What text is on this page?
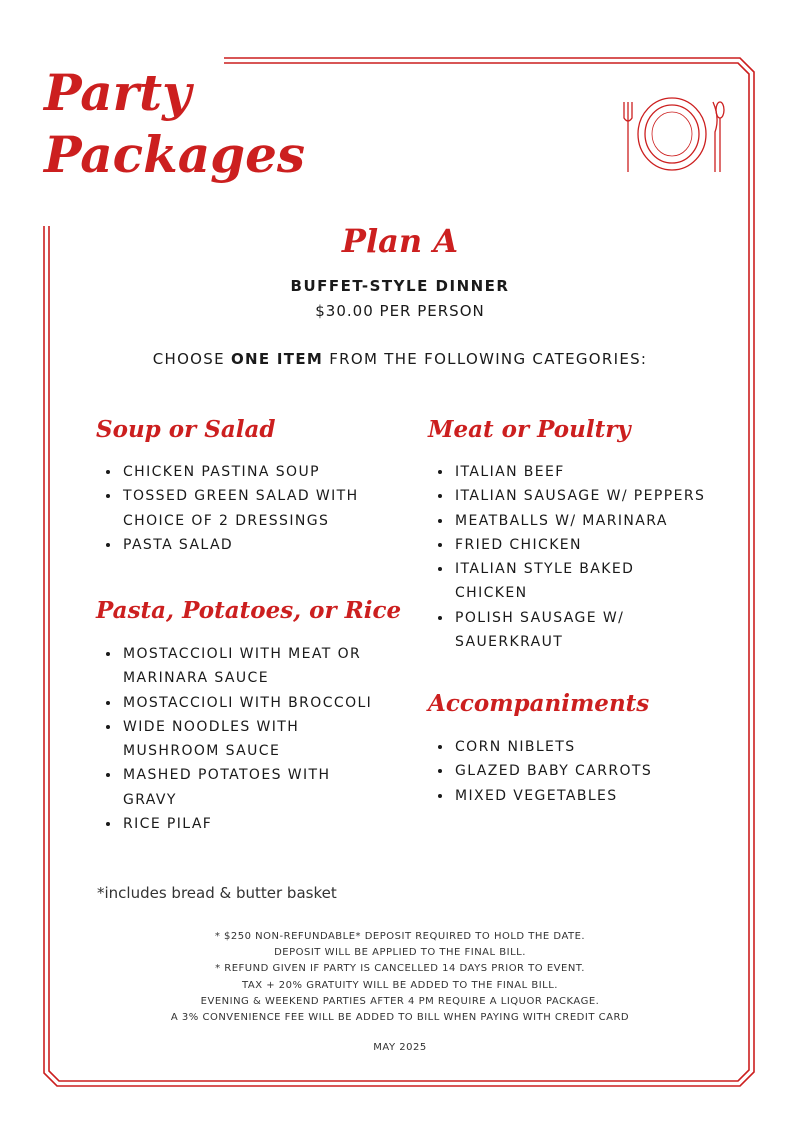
Party
Packages
Plan A
BUFFET-STYLE DINNER
$30.00 PER PERSON
CHOOSE ONE ITEM FROM THE FOLLOWING CATEGORIES:
Soup or Salad
CHICKEN PASTINA SOUP
TOSSED GREEN SALAD WITH CHOICE OF 2 DRESSINGS
PASTA SALAD
Pasta, Potatoes, or Rice
MOSTACCIOLI WITH MEAT OR MARINARA SAUCE
MOSTACCIOLI WITH BROCCOLI
WIDE NOODLES WITH MUSHROOM SAUCE
MASHED POTATOES WITH GRAVY
RICE PILAF
Meat or Poultry
ITALIAN BEEF
ITALIAN SAUSAGE W/ PEPPERS
MEATBALLS W/ MARINARA
FRIED CHICKEN
ITALIAN STYLE BAKED CHICKEN
POLISH SAUSAGE W/ SAUERKRAUT
Accompaniments
CORN NIBLETS
GLAZED BABY CARROTS
MIXED VEGETABLES
*includes bread & butter basket
* $250 NON-REFUNDABLE* DEPOSIT REQUIRED TO HOLD THE DATE.
DEPOSIT WILL BE APPLIED TO THE FINAL BILL.
* REFUND GIVEN IF PARTY IS CANCELLED 14 DAYS PRIOR TO EVENT.
TAX + 20% GRATUITY WILL BE ADDED TO THE FINAL BILL.
EVENING & WEEKEND PARTIES AFTER 4 PM REQUIRE A LIQUOR PACKAGE.
A 3% CONVENIENCE FEE WILL BE ADDED TO BILL WHEN PAYING WITH CREDIT CARD
MAY 2025
